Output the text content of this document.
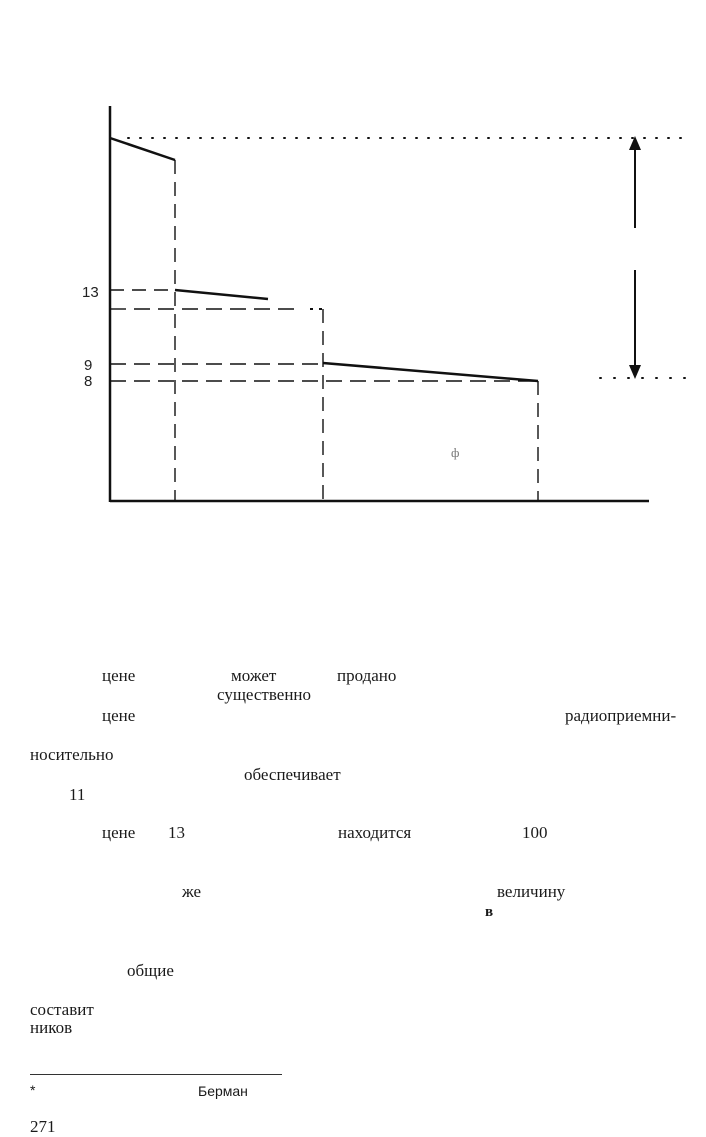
13
9
8
ф
цене	может	продано
существенно
цене	радиоприемни-
носительно
обеспечивает
11
цене 13	находится	100
же	величину
в
общие
составит
ников
*	Берман
271
